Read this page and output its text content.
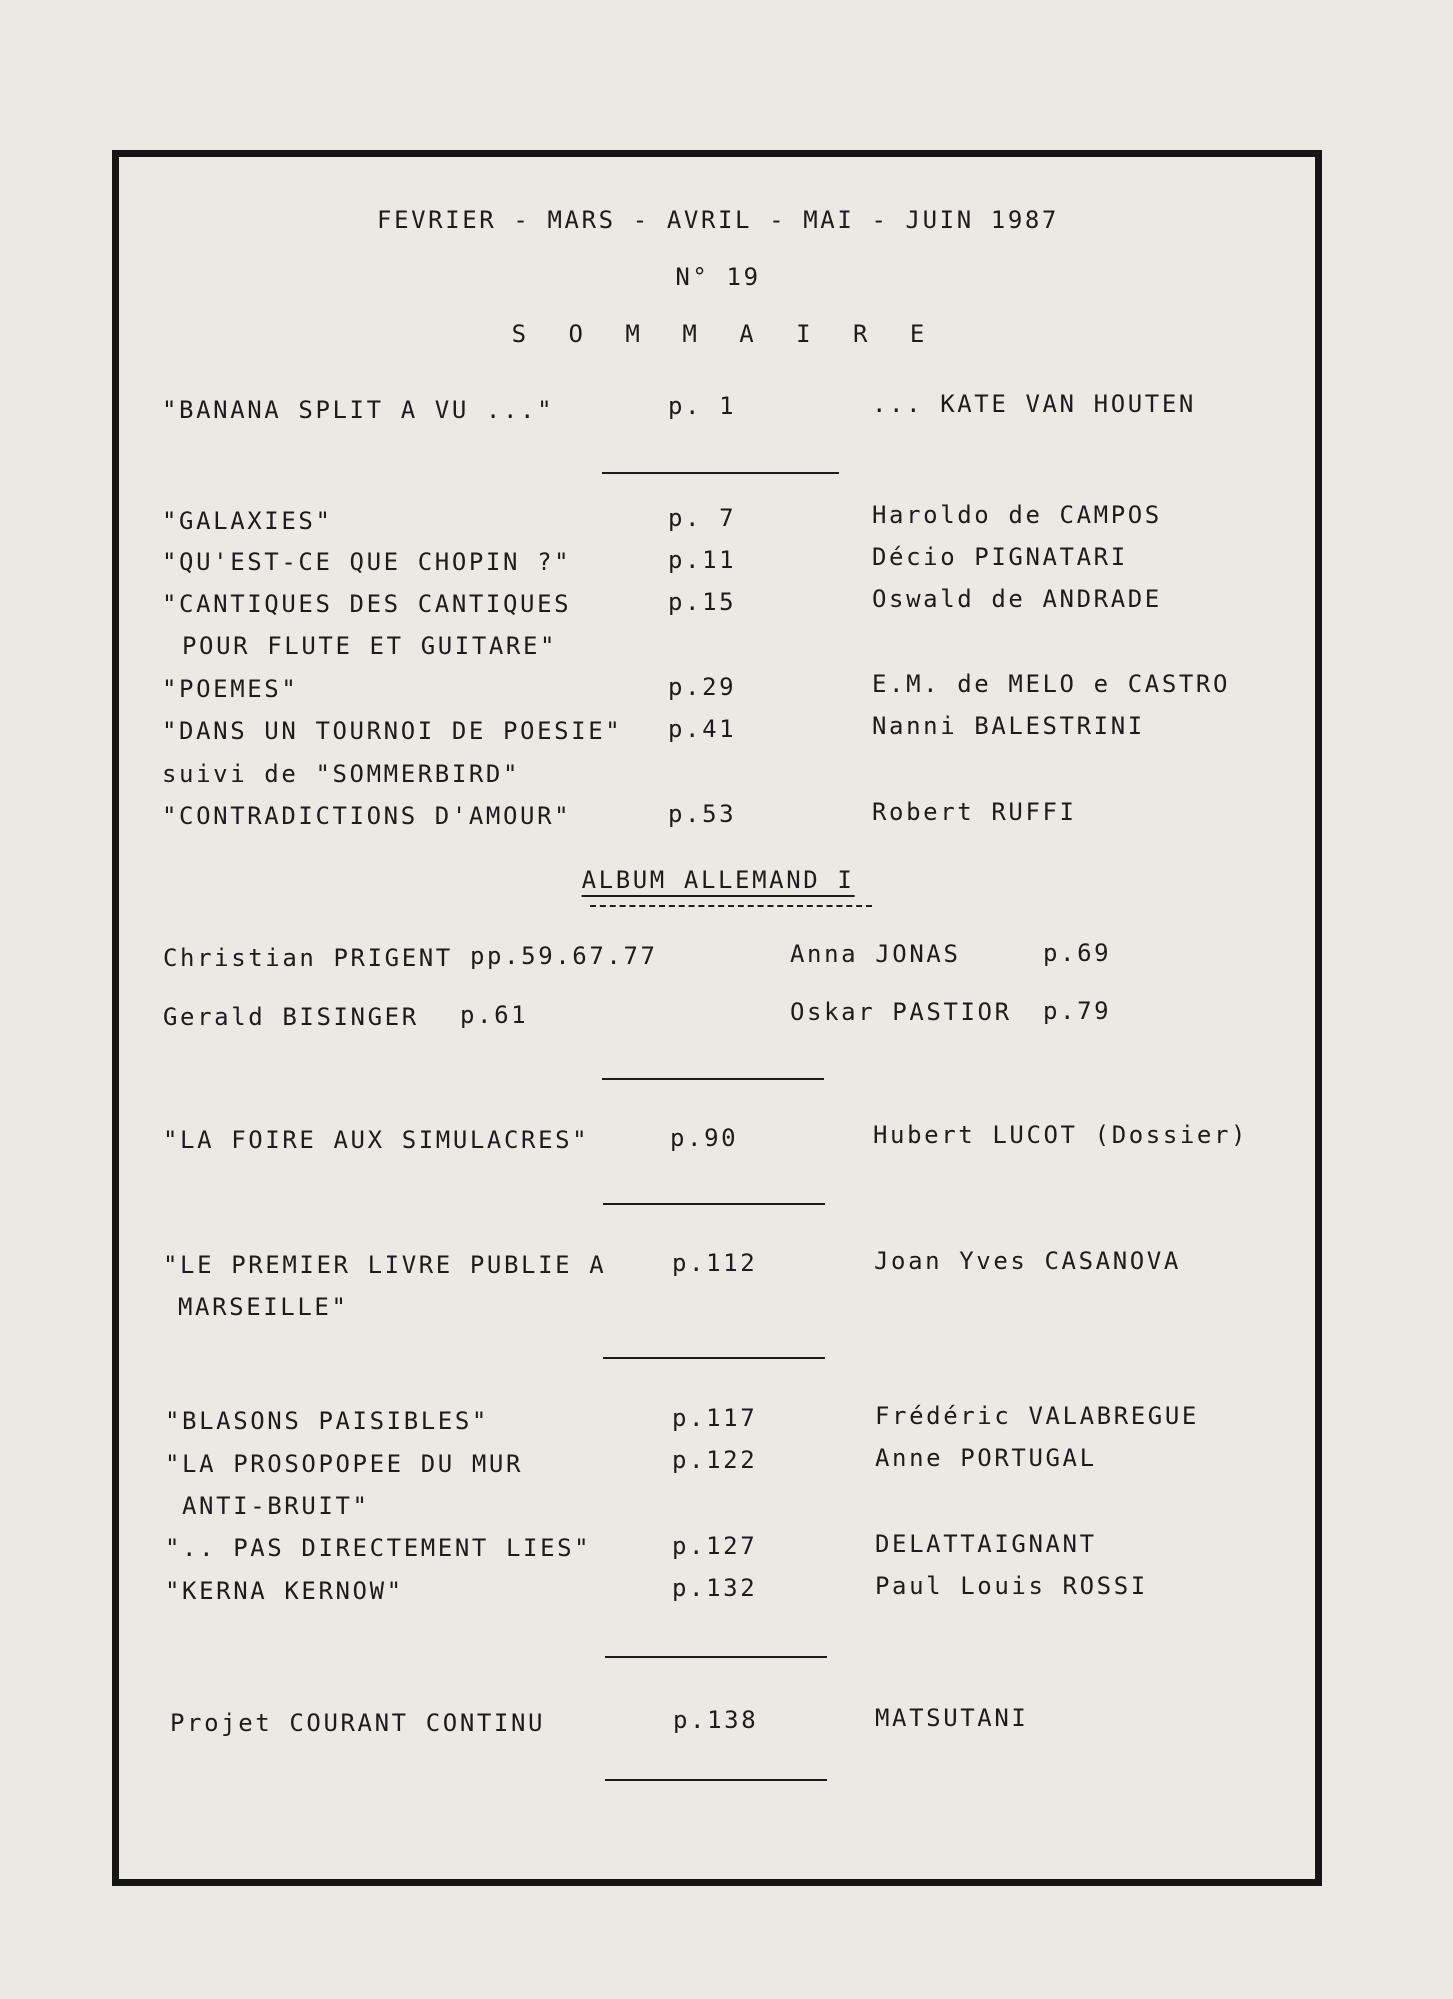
FEVRIER - MARS - AVRIL - MAI - JUIN 1987
N° 19
S O M M A I R E
"BANANA SPLIT A VU ..."	p. 1	... KATE VAN HOUTEN
"GALAXIES"	p. 7	Haroldo de CAMPOS
"QU'EST-CE QUE CHOPIN ?"	p.11	Décio PIGNATARI
"CANTIQUES DES CANTIQUES
POUR FLUTE ET GUITARE"
p.15	Oswald de ANDRADE
"POEMES"	p.29	E.M. de MELO e CASTRO
"DANS UN TOURNOI DE POESIE"
suivi de "SOMMERBIRD"
p.41	Nanni BALESTRINI
"CONTRADICTIONS D'AMOUR"	p.53	Robert RUFFI
ALBUM ALLEMAND I
Christian PRIGENT pp.59.67.77	Anna JONAS	p.69
Gerald BISINGER p.61	Oskar PASTIOR p.79
"LA FOIRE AUX SIMULACRES"	p.90	Hubert LUCOT (Dossier)
"LE PREMIER LIVRE PUBLIE A
MARSEILLE"
p.112	Joan Yves CASANOVA
"BLASONS PAISIBLES"	p.117	Frédéric VALABREGUE
"LA PROSOPOPEE DU MUR
ANTI-BRUIT"
p.122	Anne PORTUGAL
".. PAS DIRECTEMENT LIES"	p.127	DELATTAIGNANT
"KERNA KERNOW"	p.132	Paul Louis ROSSI
Projet COURANT CONTINU	p.138	MATSUTANI
